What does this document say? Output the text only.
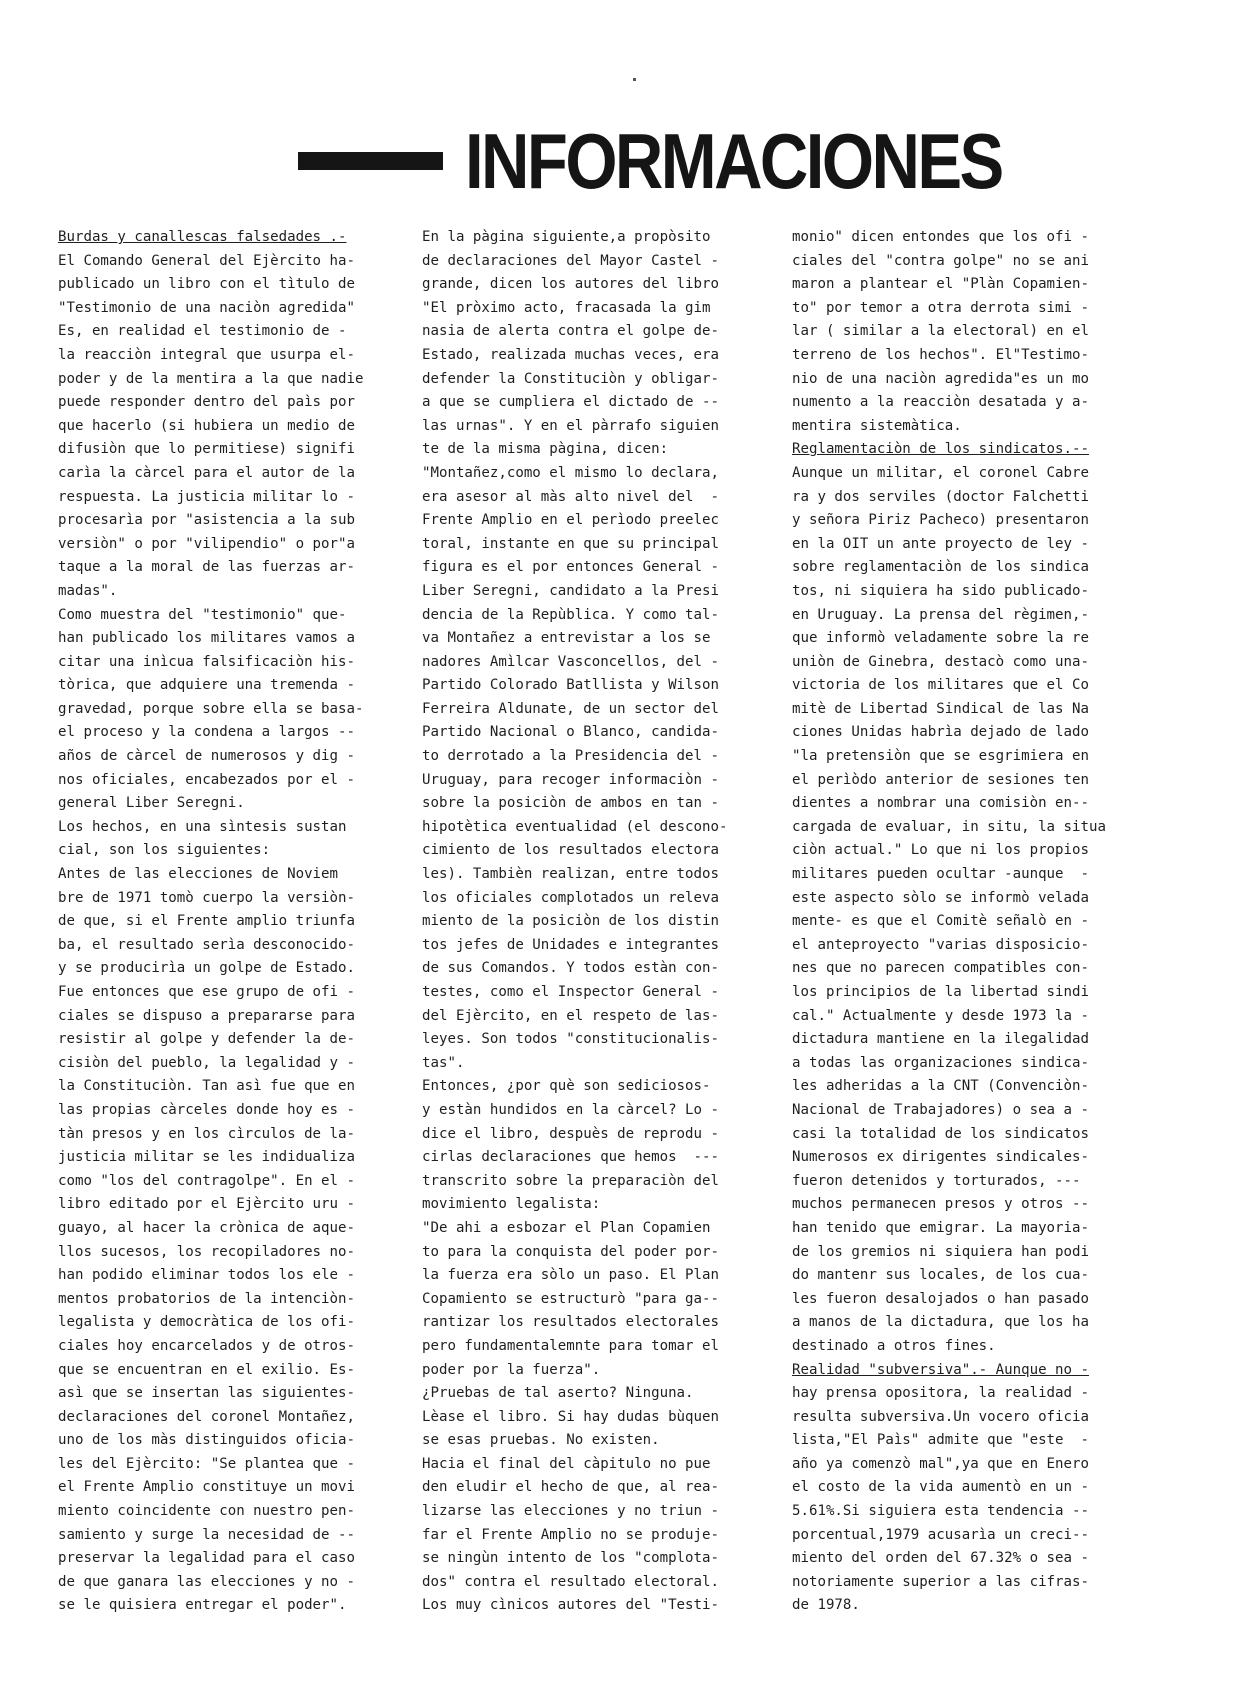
INFORMACIONES
Burdas y canallescas falsedades .-
El Comando General del Ejèrcito ha-
publicado un libro con el tìtulo de
"Testimonio de una naciòn agredida"
Es, en realidad el testimonio de -
la reacciòn integral que usurpa el-
poder y de la mentira a la que nadie
puede responder dentro del paìs por
que hacerlo (si hubiera un medio de
difusiòn que lo permitiese) signifi
carìa la càrcel para el autor de la
respuesta. La justicia militar lo -
procesarìa por "asistencia a la sub
versiòn" o por "vilipendio" o por"a
taque a la moral de las fuerzas ar-
madas".
Como muestra del "testimonio" que-
han publicado los militares vamos a
citar una inìcua falsificaciòn his-
tòrica, que adquiere una tremenda -
gravedad, porque sobre ella se basa-
el proceso y la condena a largos --
años de càrcel de numerosos y dig -
nos oficiales, encabezados por el -
general Liber Seregni.
Los hechos, en una sìntesis sustan
cial, son los siguientes:
Antes de las elecciones de Noviem
bre de 1971 tomò cuerpo la versiòn-
de que, si el Frente amplio triunfa
ba, el resultado serìa desconocido-
y se producirìa un golpe de Estado.
Fue entonces que ese grupo de ofi -
ciales se dispuso a prepararse para
resistir al golpe y defender la de-
cisiòn del pueblo, la legalidad y -
la Constituciòn. Tan asì fue que en
las propias càrceles donde hoy es -
tàn presos y en los cìrculos de la-
justicia militar se les indidualiza
como "los del contragolpe". En el -
libro editado por el Ejèrcito uru -
guayo, al hacer la crònica de aque-
llos sucesos, los recopiladores no-
han podido eliminar todos los ele -
mentos probatorios de la intenciòn-
legalista y democràtica de los ofi-
ciales hoy encarcelados y de otros-
que se encuentran en el exilio. Es-
asì que se insertan las siguientes-
declaraciones del coronel Montañez,
uno de los màs distinguidos oficia-
les del Ejèrcito: "Se plantea que -
el Frente Amplio constituye un movi
miento coincidente con nuestro pen-
samiento y surge la necesidad de --
preservar la legalidad para el caso
de que ganara las elecciones y no -
se le quisiera entregar el poder".
En la pàgina siguiente,a propòsito
de declaraciones del Mayor Castel -
grande, dicen los autores del libro
"El pròximo acto, fracasada la gim
nasia de alerta contra el golpe de-
Estado, realizada muchas veces, era
defender la Constituciòn y obligar-
a que se cumpliera el dictado de --
las urnas". Y en el pàrrafo siguien
te de la misma pàgina, dicen:
"Montañez,como el mismo lo declara,
era asesor al màs alto nivel del  -
Frente Amplio en el perìodo preelec
toral, instante en que su principal
figura es el por entonces General -
Liber Seregni, candidato a la Presi
dencia de la Repùblica. Y como tal-
va Montañez a entrevistar a los se
nadores Amìlcar Vasconcellos, del -
Partido Colorado Batllista y Wilson
Ferreira Aldunate, de un sector del
Partido Nacional o Blanco, candida-
to derrotado a la Presidencia del -
Uruguay, para recoger informaciòn -
sobre la posiciòn de ambos en tan -
hipotètica eventualidad (el descono-
cimiento de los resultados electora
les). Tambièn realizan, entre todos
los oficiales complotados un releva
miento de la posiciòn de los distin
tos jefes de Unidades e integrantes
de sus Comandos. Y todos estàn con-
testes, como el Inspector General -
del Ejèrcito, en el respeto de las-
leyes. Son todos "constitucionalis-
tas".
Entonces, ¿por què son sediciosos-
y estàn hundidos en la càrcel? Lo -
dice el libro, despuès de reprodu -
cirlas declaraciones que hemos  ---
transcrito sobre la preparaciòn del
movimiento legalista:
"De ahi a esbozar el Plan Copamien
to para la conquista del poder por-
la fuerza era sòlo un paso. El Plan
Copamiento se estructurò "para ga--
rantizar los resultados electorales
pero fundamentalemnte para tomar el
poder por la fuerza".
¿Pruebas de tal aserto? Ninguna.
Lèase el libro. Si hay dudas bùquen
se esas pruebas. No existen.
Hacia el final del càpitulo no pue
den eludir el hecho de que, al rea-
lizarse las elecciones y no triun -
far el Frente Amplio no se produje-
se ningùn intento de los "complota-
dos" contra el resultado electoral.
Los muy cìnicos autores del "Testi-
monio" dicen entondes que los ofi -
ciales del "contra golpe" no se ani
maron a plantear el "Plàn Copamien-
to" por temor a otra derrota simi -
lar ( similar a la electoral) en el
terreno de los hechos". El"Testimo-
nio de una naciòn agredida"es un mo
numento a la reacciòn desatada y a-
mentira sistemàtica.
Reglamentaciòn de los sindicatos.--
Aunque un militar, el coronel Cabre
ra y dos serviles (doctor Falchetti
y señora Piriz Pacheco) presentaron
en la OIT un ante proyecto de ley -
sobre reglamentaciòn de los sindica
tos, ni siquiera ha sido publicado-
en Uruguay. La prensa del règimen,-
que informò veladamente sobre la re
uniòn de Ginebra, destacò como una-
victoria de los militares que el Co
mitè de Libertad Sindical de las Na
ciones Unidas habrìa dejado de lado
"la pretensiòn que se esgrimiera en
el perìòdo anterior de sesiones ten
dientes a nombrar una comisiòn en--
cargada de evaluar, in situ, la situa
ciòn actual." Lo que ni los propios
militares pueden ocultar -aunque  -
este aspecto sòlo se informò velada
mente- es que el Comitè señalò en -
el anteproyecto "varias disposicio-
nes que no parecen compatibles con-
los principios de la libertad sindi
cal." Actualmente y desde 1973 la -
dictadura mantiene en la ilegalidad
a todas las organizaciones sindica-
les adheridas a la CNT (Convenciòn-
Nacional de Trabajadores) o sea a -
casi la totalidad de los sindicatos
Numerosos ex dirigentes sindicales-
fueron detenidos y torturados, ---
muchos permanecen presos y otros --
han tenido que emigrar. La mayoria-
de los gremios ni siquiera han podi
do mantenr sus locales, de los cua-
les fueron desalojados o han pasado
a manos de la dictadura, que los ha
destinado a otros fines.
Realidad "subversiva".- Aunque no -
hay prensa opositora, la realidad -
resulta subversiva.Un vocero oficia
lista,"El Paìs" admite que "este  -
año ya comenzò mal",ya que en Enero
el costo de la vida aumentò en un -
5.61%.Si siguiera esta tendencia --
porcentual,1979 acusarìa un creci--
miento del orden del 67.32% o sea -
notoriamente superior a las cifras-
de 1978.
